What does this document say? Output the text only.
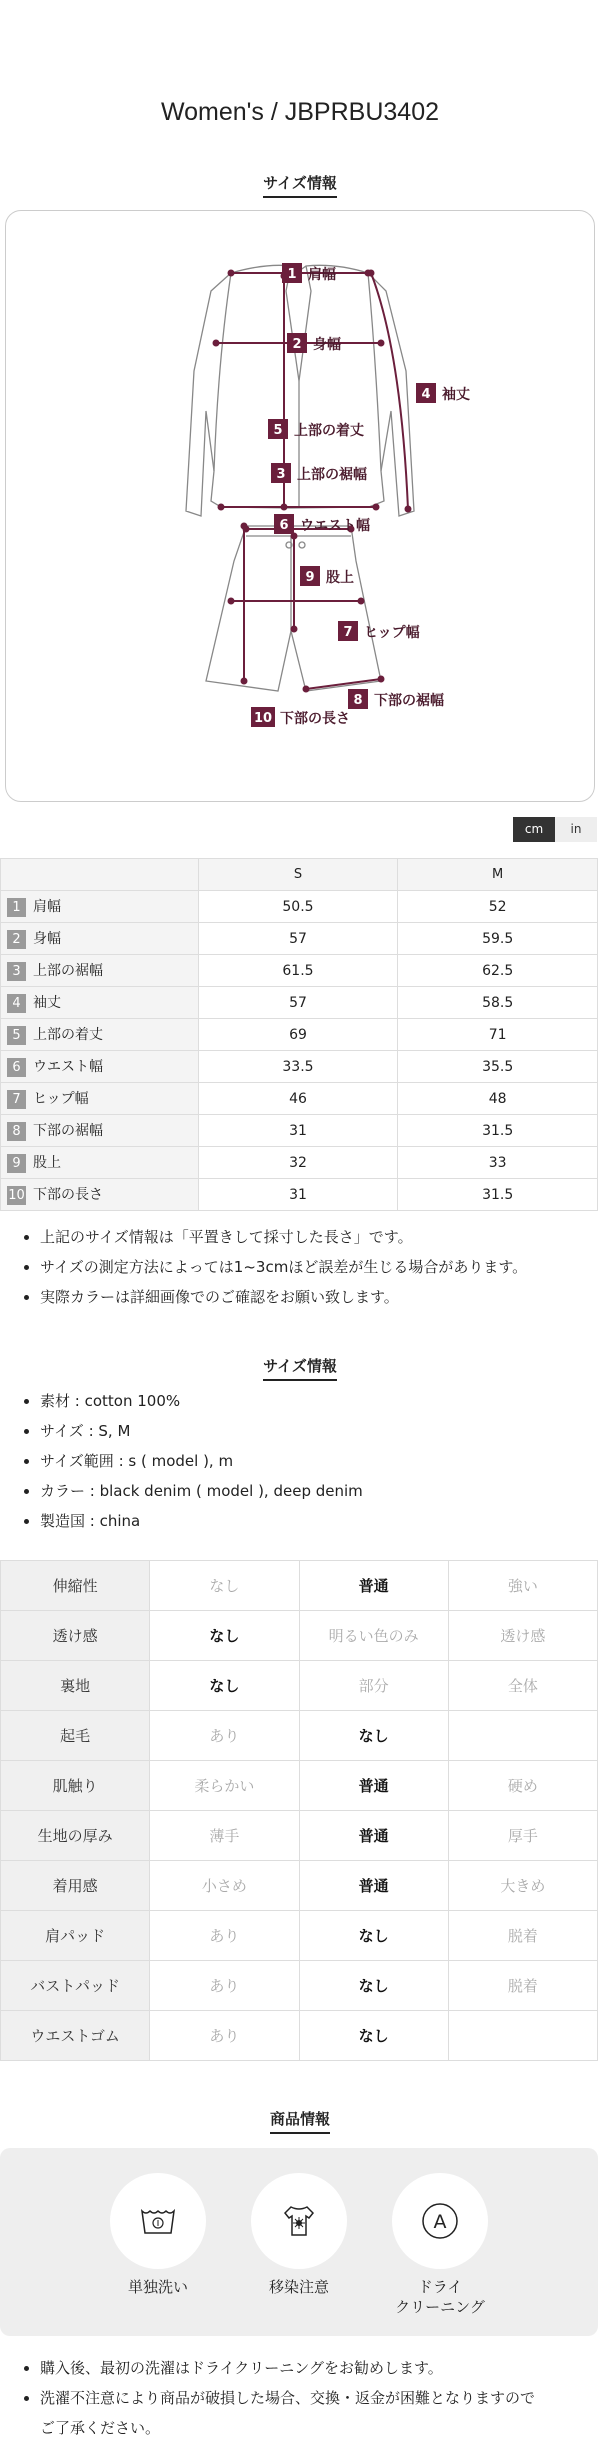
Women's / JBPRBU3402
サイズ情報
1 肩幅
2 身幅
3 上部の裾幅
4 袖丈
5 上部の着丈
6 ウエスト幅
7 ヒップ幅
8 下部の裾幅
9 股上
10 下部の長さ
cm	in
	S	M
1 肩幅	50.5	52
2 身幅	57	59.5
3 上部の裾幅	61.5	62.5
4 袖丈	57	58.5
5 上部の着丈	69	71
6 ウエスト幅	33.5	35.5
7 ヒップ幅	46	48
8 下部の裾幅	31	31.5
9 股上	32	33
10 下部の長さ	31	31.5
• 上記のサイズ情報は「平置きして採寸した長さ」です。
• サイズの測定方法によっては1~3cmほど誤差が生じる場合があります。
• 実際カラーは詳細画像でのご確認をお願い致します。
サイズ情報
• 素材 : cotton 100%
• サイズ : S, M
• サイズ範囲 : s ( model ), m
• カラー : black denim ( model ), deep denim
• 製造国 : china
伸縮性	なし	普通	強い
透け感	なし	明るい色のみ	透け感
裏地	なし	部分	全体
起毛	あり	なし	
肌触り	柔らかい	普通	硬め
生地の厚み	薄手	普通	厚手
着用感	小さめ	普通	大きめ
肩パッド	あり	なし	脱着
バストパッド	あり	なし	脱着
ウエストゴム	あり	なし	
商品情報
単独洗い	移染注意
A
ドライ
クリーニング
• 購入後、最初の洗濯はドライクリーニングをお勧めします。
• 洗濯不注意により商品が破損した場合、交換・返金が困難となりますので
ご了承ください。
